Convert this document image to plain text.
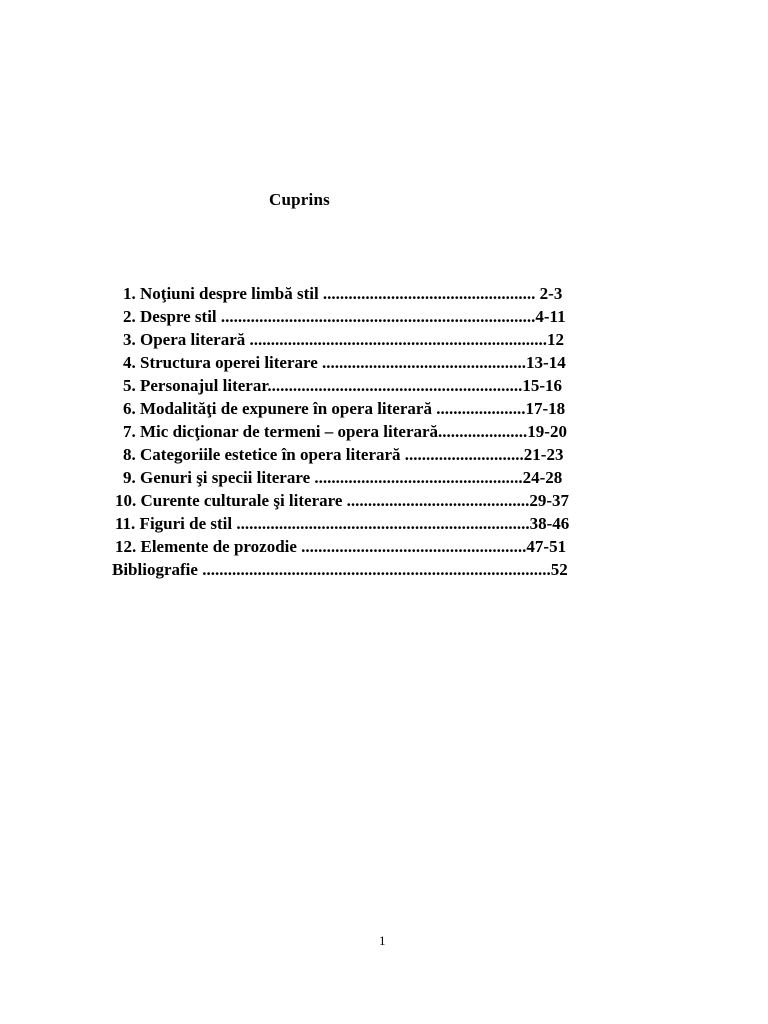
Cuprins
1. Noţiuni despre limbă stil .................................................. 2-3
2. Despre stil ..........................................................................4-11
3. Opera literară ......................................................................12
4. Structura operei literare ................................................13-14
5. Personajul literar............................................................15-16
6. Modalităţi de expunere în opera literară .....................17-18
7. Mic dicţionar de termeni – opera literară.....................19-20
8. Categoriile estetice în opera literară ............................21-23
9. Genuri şi specii literare .................................................24-28
10. Curente culturale şi literare ...........................................29-37
11. Figuri de stil .....................................................................38-46
12. Elemente de prozodie .....................................................47-51
Bibliografie ..................................................................................52
1
